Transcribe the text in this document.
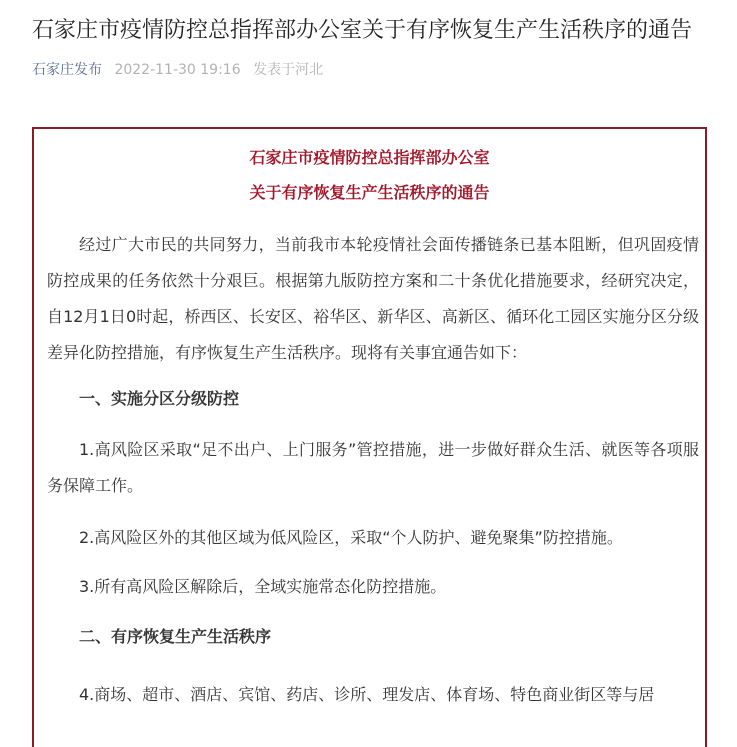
石家庄市疫情防控总指挥部办公室关于有序恢复生产生活秩序的通告
石家庄发布 2022-11-30 19:16 发表于河北
石家庄市疫情防控总指挥部办公室
关于有序恢复生产生活秩序的通告
经过广大市民的共同努力，当前我市本轮疫情社会面传播链条已基本阻断，但巩固疫情防控成果的任务依然十分艰巨。根据第九版防控方案和二十条优化措施要求，经研究决定，自12月1日0时起，桥西区、长安区、裕华区、新华区、高新区、循环化工园区实施分区分级差异化防控措施，有序恢复生产生活秩序。现将有关事宜通告如下：
一、实施分区分级防控
1.高风险区采取“足不出户、上门服务”管控措施，进一步做好群众生活、就医等各项服务保障工作。
2.高风险区外的其他区域为低风险区，采取“个人防护、避免聚集”防控措施。
3.所有高风险区解除后，全域实施常态化防控措施。
二、有序恢复生产生活秩序
4.商场、超市、酒店、宾馆、药店、诊所、理发店、体育场、特色商业街区等与居
